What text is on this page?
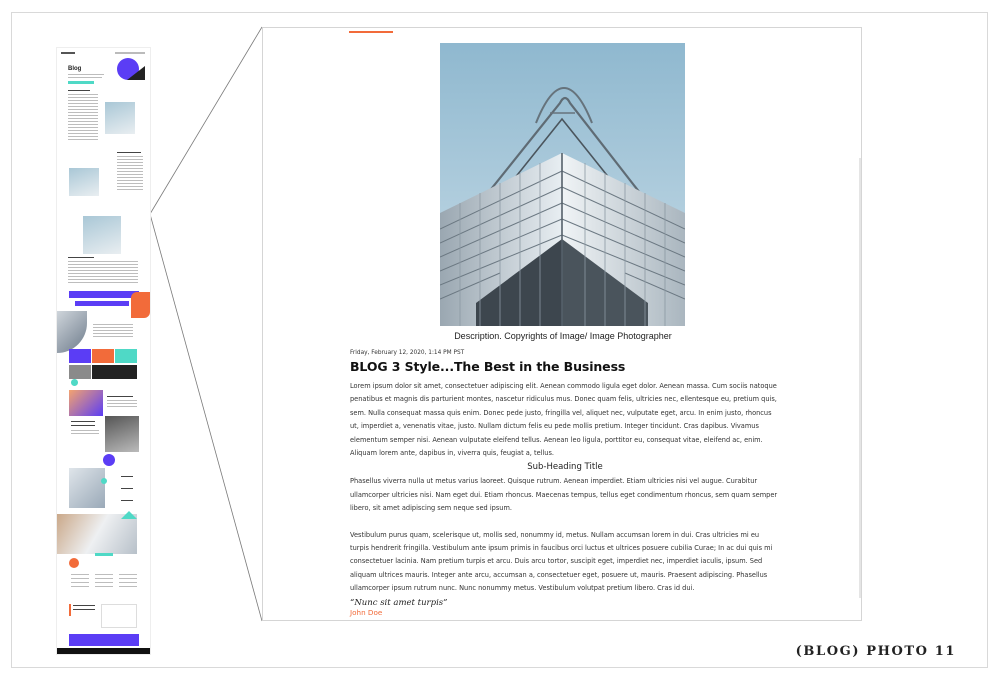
Blog
Description. Copyrights of Image/ Image Photographer
Friday, February 12, 2020, 1:14 PM PST
BLOG 3 Style...The Best in the Business
Lorem ipsum dolor sit amet, consectetuer adipiscing elit. Aenean commodo ligula eget dolor. Aenean massa. Cum sociis natoque penatibus et magnis dis parturient montes, nascetur ridiculus mus. Donec quam felis, ultricies nec, ellentesque eu, pretium quis, sem. Nulla consequat massa quis enim. Donec pede justo, fringilla vel, aliquet nec, vulputate eget, arcu. In enim justo, rhoncus ut, imperdiet a, venenatis vitae, justo. Nullam dictum felis eu pede mollis pretium. Integer tincidunt. Cras dapibus. Vivamus elementum semper nisi. Aenean vulputate eleifend tellus. Aenean leo ligula, porttitor eu, consequat vitae, eleifend ac, enim. Aliquam lorem ante, dapibus in, viverra quis, feugiat a, tellus.
Sub-Heading Title
Phasellus viverra nulla ut metus varius laoreet. Quisque rutrum. Aenean imperdiet. Etiam ultricies nisi vel augue. Curabitur ullamcorper ultricies nisi. Nam eget dui. Etiam rhoncus. Maecenas tempus, tellus eget condimentum rhoncus, sem quam semper libero, sit amet adipiscing sem neque sed ipsum.
Vestibulum purus quam, scelerisque ut, mollis sed, nonummy id, metus. Nullam accumsan lorem in dui. Cras ultricies mi eu turpis hendrerit fringilla. Vestibulum ante ipsum primis in faucibus orci luctus et ultrices posuere cubilia Curae; In ac dui quis mi consectetuer lacinia. Nam pretium turpis et arcu. Duis arcu tortor, suscipit eget, imperdiet nec, imperdiet iaculis, ipsum. Sed aliquam ultrices mauris. Integer ante arcu, accumsan a, consectetuer eget, posuere ut, mauris. Praesent adipiscing. Phasellus ullamcorper ipsum rutrum nunc. Nunc nonummy metus. Vestibulum volutpat pretium libero. Cras id dui.
“Nunc sit amet turpis”
John Doe
(BLOG) PHOTO 11
